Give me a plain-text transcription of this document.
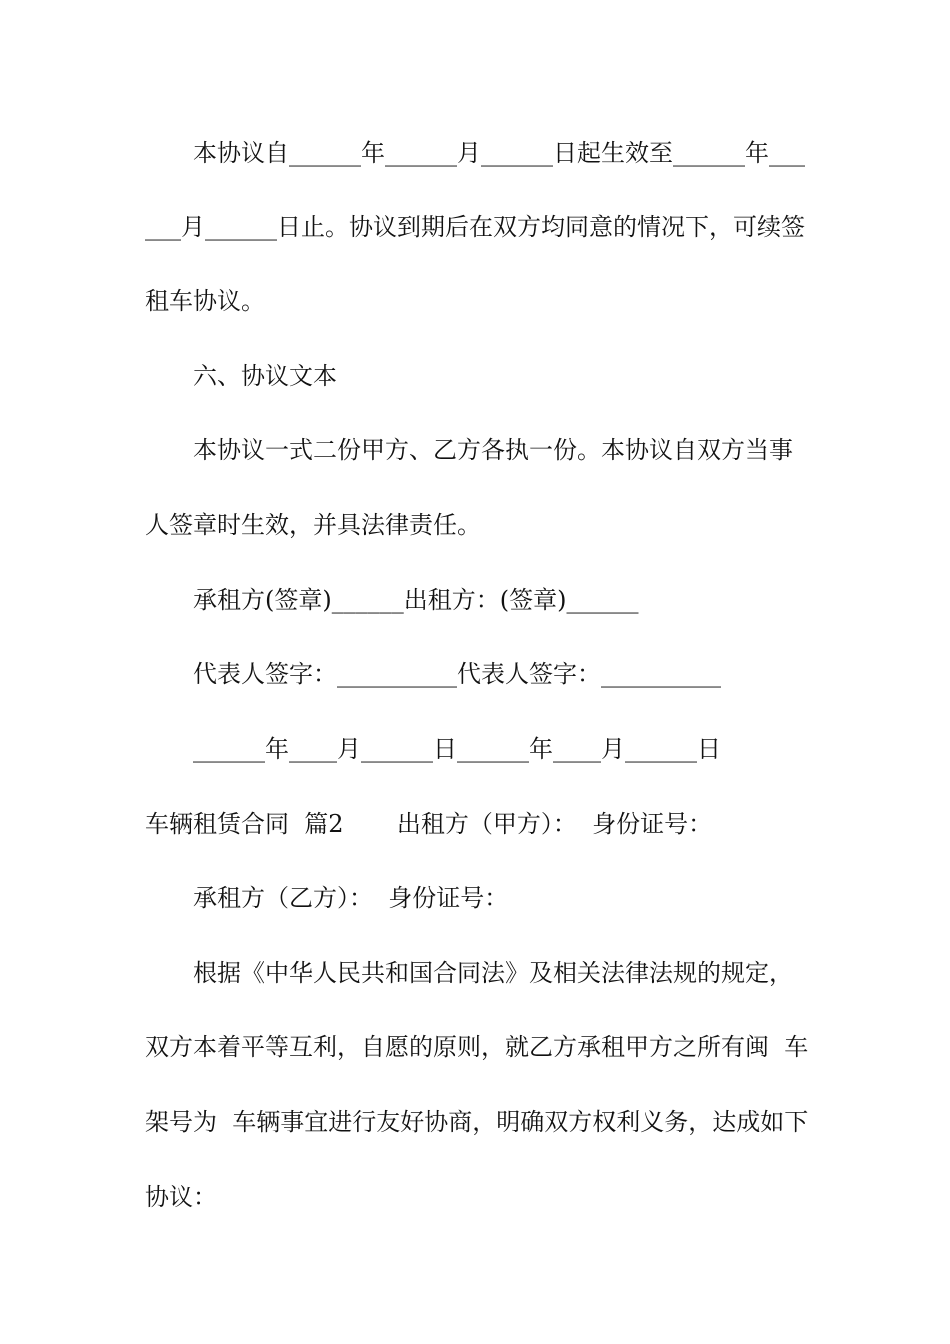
本协议自______年______月______日起生效至______年___
___月______日止。协议到期后在双方均同意的情况下，可续签
租车协议。
六、协议文本
本协议一式二份甲方、乙方各执一份。本协议自双方当事
人签章时生效，并具法律责任。
承租方(签章)______出租方：(签章)______
代表人签字：__________代表人签字：__________
______年____月______日______年____月______日
车辆租赁合同  篇2       出租方（甲方）：  身份证号：
承租方（乙方）：  身份证号：
根据《中华人民共和国合同法》及相关法律法规的规定，
双方本着平等互利，自愿的原则，就乙方承租甲方之所有闽  车
架号为  车辆事宜进行友好协商，明确双方权利义务，达成如下
协议：
